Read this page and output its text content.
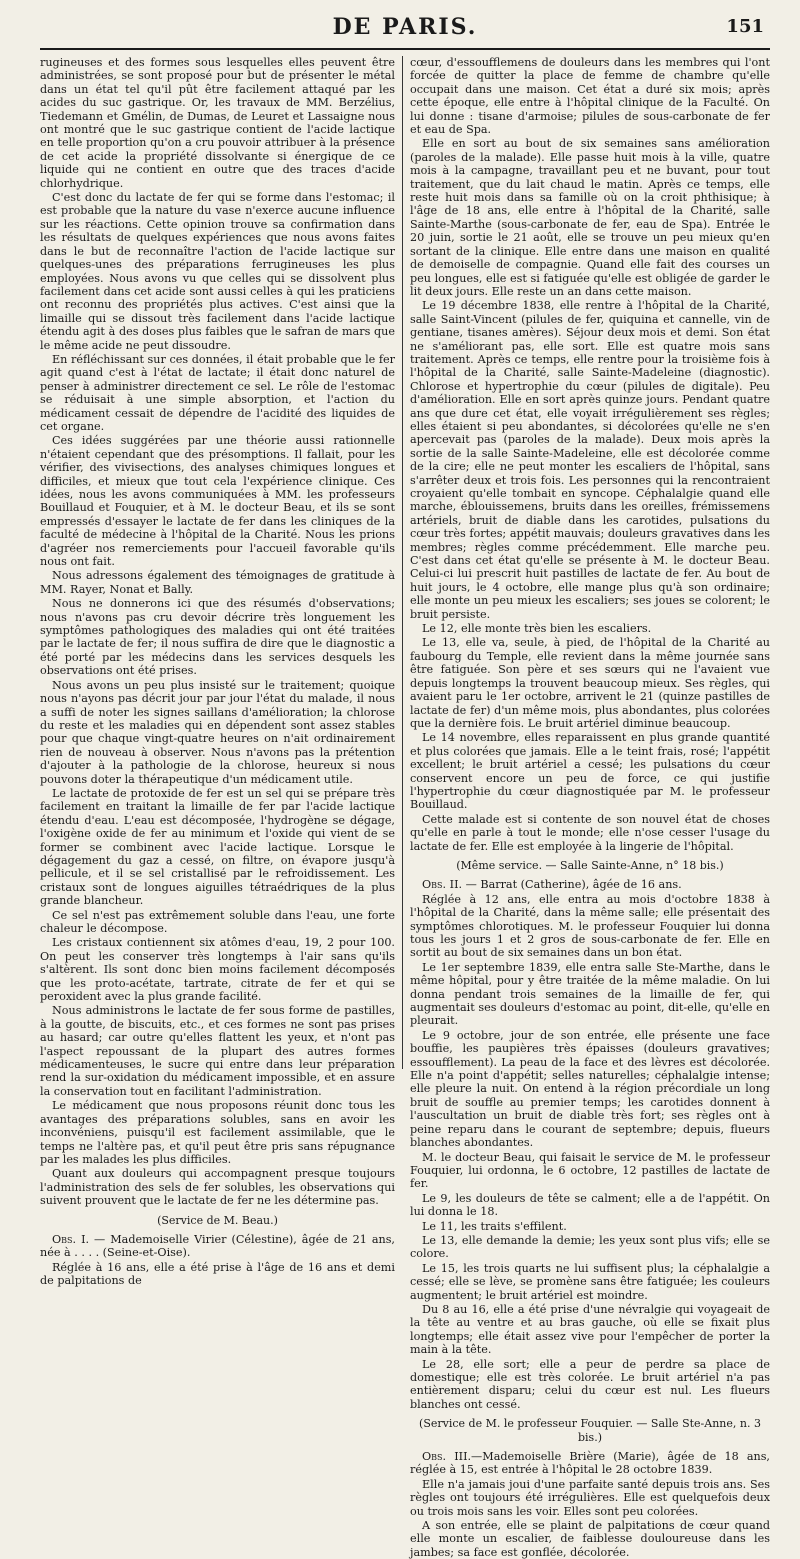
DE PARIS.	151

rugineuses et des formes sous lesquelles elles peuvent être administrées, se sont proposé pour but de présenter le métal dans un état tel qu'il pût être facilement attaqué par les acides du suc gastrique. Or, les travaux de MM. Berzélius, Tiedemann et Gmélin, de Dumas, de Leuret et Lassaigne nous ont montré que le suc gastrique contient de l'acide lactique en telle proportion qu'on a cru pouvoir attribuer à la présence de cet acide la propriété dissolvante si énergique de ce liquide qui ne contient en outre que des traces d'acide chlorhydrique.

C'est donc du lactate de fer qui se forme dans l'estomac; il est probable que la nature du vase n'exerce aucune influence sur les réactions. Cette opinion trouve sa confirmation dans les résultats de quelques expériences que nous avons faites dans le but de reconnaître l'action de l'acide lactique sur quelques-unes des préparations ferrugineuses les plus employées. Nous avons vu que celles qui se dissolvent plus facilement dans cet acide sont aussi celles à qui les praticiens ont reconnu des propriétés plus actives. C'est ainsi que la limaille qui se dissout très facilement dans l'acide lactique étendu agit à des doses plus faibles que le safran de mars que le même acide ne peut dissoudre.

En réfléchissant sur ces données, il était probable que le fer agit quand c'est à l'état de lactate; il était donc naturel de penser à administrer directement ce sel. Le rôle de l'estomac se réduisait à une simple absorption, et l'action du médicament cessait de dépendre de l'acidité des liquides de cet organe.

Ces idées suggérées par une théorie aussi rationnelle n'étaient cependant que des présomptions. Il fallait, pour les vérifier, des vivisections, des analyses chimiques longues et difficiles, et mieux que tout cela l'expérience clinique. Ces idées, nous les avons communiquées à MM. les professeurs Bouillaud et Fouquier, et à M. le docteur Beau, et ils se sont empressés d'essayer le lactate de fer dans les cliniques de la faculté de médecine à l'hôpital de la Charité. Nous les prions d'agréer nos remerciements pour l'accueil favorable qu'ils nous ont fait.

Nous adressons également des témoignages de gratitude à MM. Rayer, Nonat et Bally.

Nous ne donnerons ici que des résumés d'observations; nous n'avons pas cru devoir décrire très longuement les symptômes pathologiques des maladies qui ont été traitées par le lactate de fer; il nous suffira de dire que le diagnostic a été porté par les médecins dans les services desquels les observations ont été prises.

Nous avons un peu plus insisté sur le traitement; quoique nous n'ayons pas décrit jour par jour l'état du malade, il nous a suffi de noter les signes saillans d'amélioration; la chlorose du reste et les maladies qui en dépendent sont assez stables pour que chaque vingt-quatre heures on n'ait ordinairement rien de nouveau à observer. Nous n'avons pas la prétention d'ajouter à la pathologie de la chlorose, heureux si nous pouvons doter la thérapeutique d'un médicament utile.

Le lactate de protoxide de fer est un sel qui se prépare très facilement en traitant la limaille de fer par l'acide lactique étendu d'eau. L'eau est décomposée, l'hydrogène se dégage, l'oxigène oxide de fer au minimum et l'oxide qui vient de se former se combinent avec l'acide lactique. Lorsque le dégagement du gaz a cessé, on filtre, on évapore jusqu'à pellicule, et il se sel cristallisé par le refroidissement. Les cristaux sont de longues aiguilles tétraédriques de la plus grande blancheur.

Ce sel n'est pas extrêmement soluble dans l'eau, une forte chaleur le décompose.

Les cristaux contiennent six atômes d'eau, 19, 2 pour 100. On peut les conserver très longtemps à l'air sans qu'ils s'altèrent. Ils sont donc bien moins facilement décomposés que les proto-acétate, tartrate, citrate de fer et qui se peroxident avec la plus grande facilité.

Nous administrons le lactate de fer sous forme de pastilles, à la goutte, de biscuits, etc., et ces formes ne sont pas prises au hasard; car outre qu'elles flattent les yeux, et n'ont pas l'aspect repoussant de la plupart des autres formes médicamenteuses, le sucre qui entre dans leur préparation rend la sur-oxidation du médicament impossible, et en assure la conservation tout en facilitant l'administration.

Le médicament que nous proposons réunit donc tous les avantages des préparations solubles, sans en avoir les inconvéniens, puisqu'il est facilement assimilable, que le temps ne l'altère pas, et qu'il peut être pris sans répugnance par les malades les plus difficiles.

Quant aux douleurs qui accompagnent presque toujours l'administration des sels de fer solubles, les observations qui suivent prouvent que le lactate de fer ne les détermine pas.

(Service de M. Beau.)

Obs. I. — Mademoiselle Virier (Célestine), âgée de 21 ans, née à . . . . (Seine-et-Oise).

Réglée à 16 ans, elle a été prise à l'âge de 16 ans et demi de palpitations de

cœur, d'essoufflemens de douleurs dans les membres qui l'ont forcée de quitter la place de femme de chambre qu'elle occupait dans une maison. Cet état a duré six mois; après cette époque, elle entre à l'hôpital clinique de la Faculté. On lui donne : tisane d'armoise; pilules de sous-carbonate de fer et eau de Spa.

Elle en sort au bout de six semaines sans amélioration (paroles de la malade). Elle passe huit mois à la ville, quatre mois à la campagne, travaillant peu et ne buvant, pour tout traitement, que du lait chaud le matin. Après ce temps, elle reste huit mois dans sa famille où on la croit phthisique; à l'âge de 18 ans, elle entre à l'hôpital de la Charité, salle Sainte-Marthe (sous-carbonate de fer, eau de Spa). Entrée le 20 juin, sortie le 21 août, elle se trouve un peu mieux qu'en sortant de la clinique. Elle entre dans une maison en qualité de demoiselle de compagnie. Quand elle fait des courses un peu longues, elle est si fatiguée qu'elle est obligée de garder le lit deux jours. Elle reste un an dans cette maison.

Le 19 décembre 1838, elle rentre à l'hôpital de la Charité, salle Saint-Vincent (pilules de fer, quiquina et cannelle, vin de gentiane, tisanes amères). Séjour deux mois et demi. Son état ne s'améliorant pas, elle sort. Elle est quatre mois sans traitement. Après ce temps, elle rentre pour la troisième fois à l'hôpital de la Charité, salle Sainte-Madeleine (diagnostic). Chlorose et hypertrophie du cœur (pilules de digitale). Peu d'amélioration. Elle en sort après quinze jours. Pendant quatre ans que dure cet état, elle voyait irrégulièrement ses règles; elles étaient si peu abondantes, si décolorées qu'elle ne s'en apercevait pas (paroles de la malade). Deux mois après la sortie de la salle Sainte-Madeleine, elle est décolorée comme de la cire; elle ne peut monter les escaliers de l'hôpital, sans s'arrêter deux et trois fois. Les personnes qui la rencontraient croyaient qu'elle tombait en syncope. Céphalalgie quand elle marche, éblouissemens, bruits dans les oreilles, frémissemens artériels, bruit de diable dans les carotides, pulsations du cœur très fortes; appétit mauvais; douleurs gravatives dans les membres; règles comme précédemment. Elle marche peu. C'est dans cet état qu'elle se présente à M. le docteur Beau. Celui-ci lui prescrit huit pastilles de lactate de fer. Au bout de huit jours, le 4 octobre, elle mange plus qu'à son ordinaire; elle monte un peu mieux les escaliers; ses joues se colorent; le bruit persiste.

Le 12, elle monte très bien les escaliers.

Le 13, elle va, seule, à pied, de l'hôpital de la Charité au faubourg du Temple, elle revient dans la même journée sans être fatiguée. Son père et ses sœurs qui ne l'avaient vue depuis longtemps la trouvent beaucoup mieux. Ses règles, qui avaient paru le 1er octobre, arrivent le 21 (quinze pastilles de lactate de fer) d'un même mois, plus abondantes, plus colorées que la dernière fois. Le bruit artériel diminue beaucoup.

Le 14 novembre, elles reparaissent en plus grande quantité et plus colorées que jamais. Elle a le teint frais, rosé; l'appétit excellent; le bruit artériel a cessé; les pulsations du cœur conservent encore un peu de force, ce qui justifie l'hypertrophie du cœur diagnostiquée par M. le professeur Bouillaud.

Cette malade est si contente de son nouvel état de choses qu'elle en parle à tout le monde; elle n'ose cesser l'usage du lactate de fer. Elle est employée à la lingerie de l'hôpital.

(Même service. — Salle Sainte-Anne, n° 18 bis.)

Obs. II. — Barrat (Catherine), âgée de 16 ans.

Réglée à 12 ans, elle entra au mois d'octobre 1838 à l'hôpital de la Charité, dans la même salle; elle présentait des symptômes chlorotiques. M. le professeur Fouquier lui donna tous les jours 1 et 2 gros de sous-carbonate de fer. Elle en sortit au bout de six semaines dans un bon état.

Le 1er septembre 1839, elle entra salle Ste-Marthe, dans le même hôpital, pour y être traitée de la même maladie. On lui donna pendant trois semaines de la limaille de fer, qui augmentait ses douleurs d'estomac au point, dit-elle, qu'elle en pleurait.

Le 9 octobre, jour de son entrée, elle présente une face bouffie, les paupières très épaisses (douleurs gravatives; essoufflement). La peau de la face et des lèvres est décolorée. Elle n'a point d'appétit; selles naturelles; céphalalgie intense; elle pleure la nuit. On entend à la région précordiale un long bruit de souffle au premier temps; les carotides donnent à l'auscultation un bruit de diable très fort; ses règles ont à peine reparu dans le courant de septembre; depuis, flueurs blanches abondantes.

M. le docteur Beau, qui faisait le service de M. le professeur Fouquier, lui ordonna, le 6 octobre, 12 pastilles de lactate de fer.

Le 9, les douleurs de tête se calment; elle a de l'appétit. On lui donna le 18.

Le 11, les traits s'effilent.

Le 13, elle demande la demie; les yeux sont plus vifs; elle se colore.

Le 15, les trois quarts ne lui suffisent plus; la céphalalgie a cessé; elle se lève, se promène sans être fatiguée; les couleurs augmentent; le bruit artériel est moindre.

Du 8 au 16, elle a été prise d'une névralgie qui voyageait de la tête au ventre et au bras gauche, où elle se fixait plus longtemps; elle était assez vive pour l'empêcher de porter la main à la tête.

Le 28, elle sort; elle a peur de perdre sa place de domestique; elle est très colorée. Le bruit artériel n'a pas entièrement disparu; celui du cœur est nul. Les flueurs blanches ont cessé.

(Service de M. le professeur Fouquier. — Salle Ste-Anne, n. 3 bis.)

Obs. III.—Mademoiselle Brière (Marie), âgée de 18 ans, réglée à 15, est entrée à l'hôpital le 28 octobre 1839.

Elle n'a jamais joui d'une parfaite santé depuis trois ans. Ses règles ont toujours été irrégulières. Elle est quelquefois deux ou trois mois sans les voir. Elles sont peu colorées.

A son entrée, elle se plaint de palpitations de cœur quand elle monte un escalier, de faiblesse douloureuse dans les jambes; sa face est gonflée, décolorée.
